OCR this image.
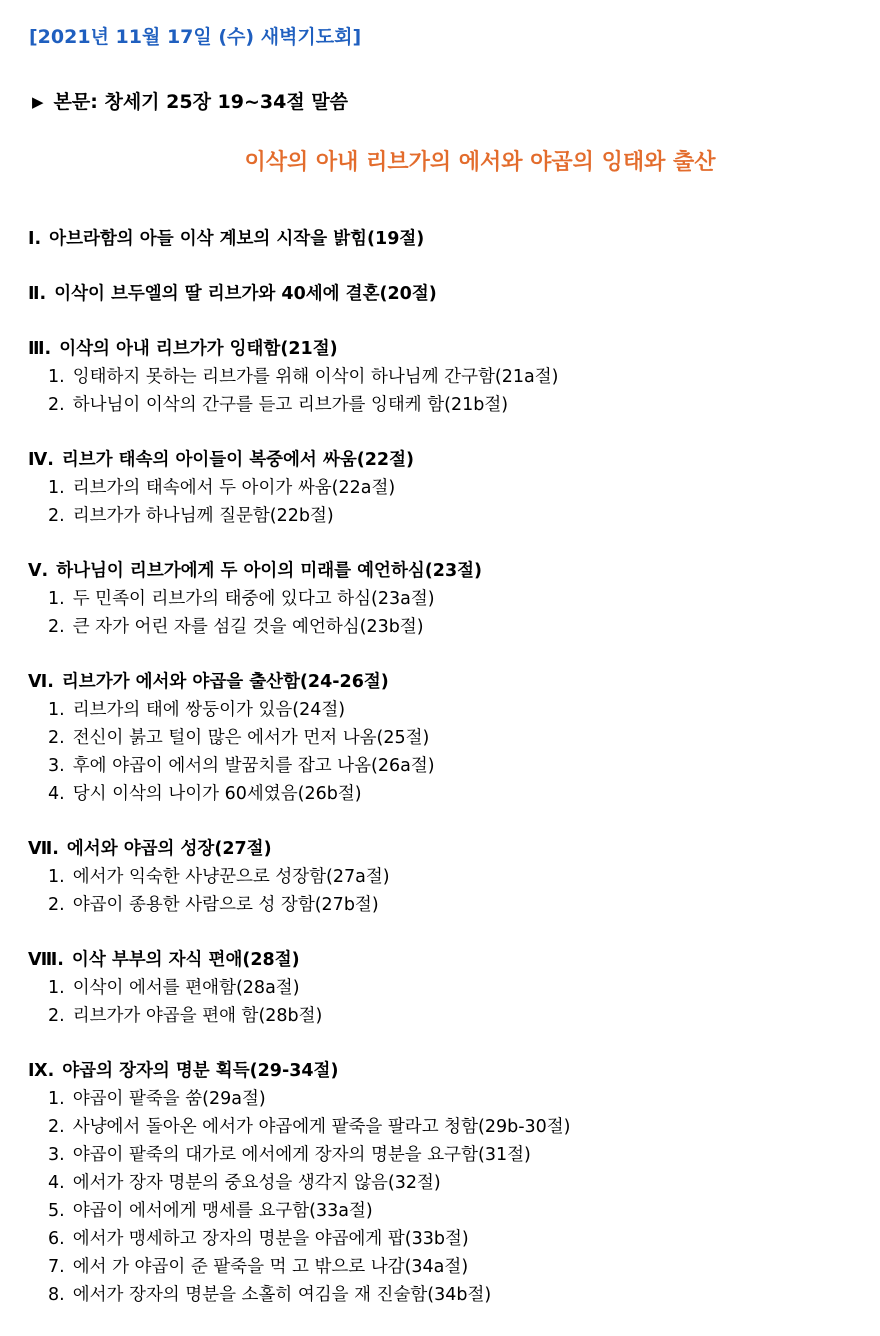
[2021년 11월 17일 (수) 새벽기도회]
▶ 본문: 창세기 25장 19~34절 말씀
이삭의 아내 리브가의 에서와 야곱의 잉태와 출산
Ⅰ. 아브라함의 아들 이삭 계보의 시작을 밝힘(19절)
Ⅱ. 이삭이 브두엘의 딸 리브가와 40세에 결혼(20절)
Ⅲ. 이삭의 아내 리브가가 잉태함(21절)
1. 잉태하지 못하는 리브가를 위해 이삭이 하나님께 간구함(21a절)
2. 하나님이 이삭의 간구를 듣고 리브가를 잉태케 함(21b절)
Ⅳ. 리브가 태속의 아이들이 복중에서 싸움(22절)
1. 리브가의 태속에서 두 아이가 싸움(22a절)
2. 리브가가 하나님께 질문함(22b절)
Ⅴ. 하나님이 리브가에게 두 아이의 미래를 예언하심(23절)
1. 두 민족이 리브가의 태중에 있다고 하심(23a절)
2. 큰 자가 어린 자를 섬길 것을 예언하심(23b절)
Ⅵ. 리브가가 에서와 야곱을 출산함(24-26절)
1. 리브가의 태에 쌍둥이가 있음(24절)
2. 전신이 붉고 털이 많은 에서가 먼저 나옴(25절)
3. 후에 야곱이 에서의 발꿈치를 잡고 나옴(26a절)
4. 당시 이삭의 나이가 60세였음(26b절)
Ⅶ. 에서와 야곱의 성장(27절)
1. 에서가 익숙한 사냥꾼으로 성장함(27a절)
2. 야곱이 종용한 사람으로 성 장함(27b절)
Ⅷ. 이삭 부부의 자식 편애(28절)
1. 이삭이 에서를 편애함(28a절)
2. 리브가가 야곱을 편애 함(28b절)
Ⅸ. 야곱의 장자의 명분 획득(29-34절)
1. 야곱이 팥죽을 쑴(29a절)
2. 사냥에서 돌아온 에서가 야곱에게 팥죽을 팔라고 청함(29b-30절)
3. 야곱이 팥죽의 대가로 에서에게 장자의 명분을 요구함(31절)
4. 에서가 장자 명분의 중요성을 생각지 않음(32절)
5. 야곱이 에서에게 맹세를 요구함(33a절)
6. 에서가 맹세하고 장자의 명분을 야곱에게 팝(33b절)
7. 에서 가 야곱이 준 팥죽을 먹 고 밖으로 나감(34a절)
8. 에서가 장자의 명분을 소홀히 여김을 재 진술함(34b절)
